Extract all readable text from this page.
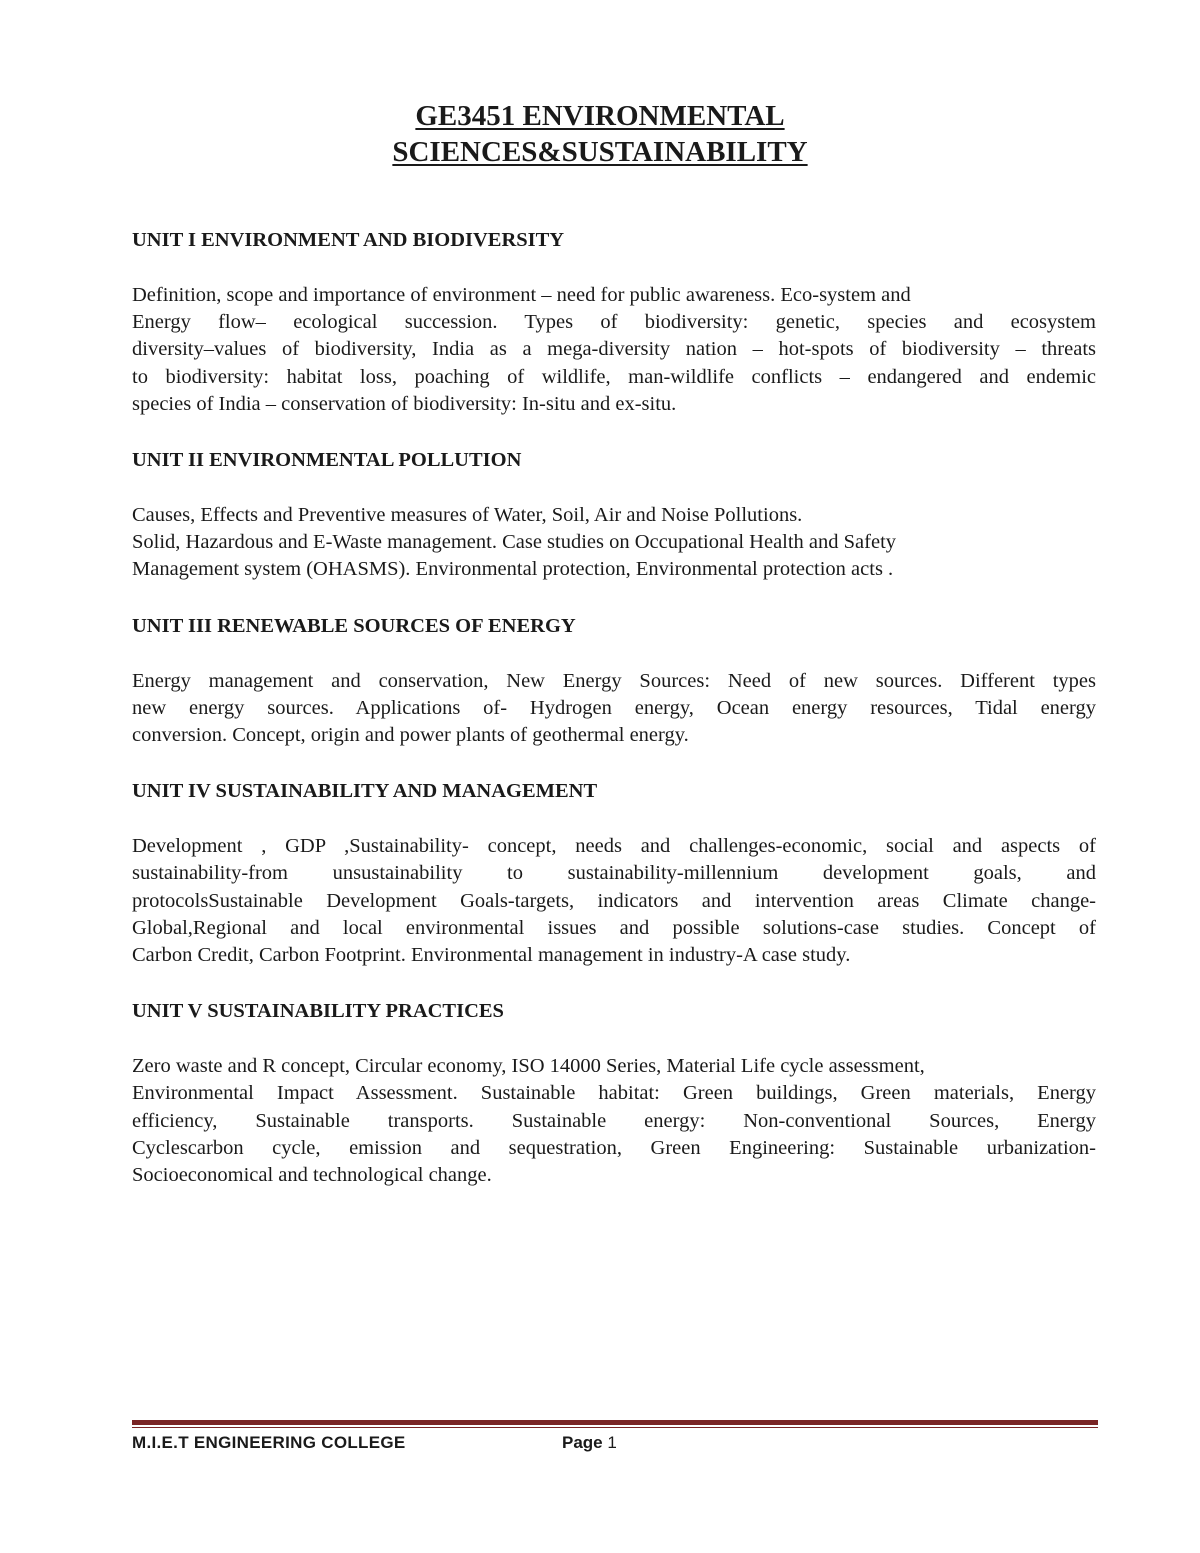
GE3451 ENVIRONMENTAL
SCIENCES&SUSTAINABILITY
UNIT I ENVIRONMENT AND BIODIVERSITY

Definition, scope and importance of environment – need for public awareness. Eco-system and
Energy flow– ecological succession. Types of biodiversity: genetic, species and ecosystem
diversity–values of biodiversity, India as a mega-diversity nation – hot-spots of biodiversity – threats
to biodiversity: habitat loss, poaching of wildlife, man-wildlife conflicts – endangered and endemic
species of India – conservation of biodiversity: In-situ and ex-situ.

UNIT II ENVIRONMENTAL POLLUTION

Causes, Effects and Preventive measures of Water, Soil, Air and Noise Pollutions.
Solid, Hazardous and E-Waste management. Case studies on Occupational Health and Safety
Management system (OHASMS). Environmental protection, Environmental protection acts .

UNIT III RENEWABLE SOURCES OF ENERGY

Energy management and conservation, New Energy Sources: Need of new sources. Different types
new energy sources. Applications of- Hydrogen energy, Ocean energy resources, Tidal energy
conversion. Concept, origin and power plants of geothermal energy.

UNIT IV SUSTAINABILITY AND MANAGEMENT

Development , GDP ,Sustainability- concept, needs and challenges-economic, social and aspects of
sustainability-from unsustainability to sustainability-millennium development goals, and
protocolsSustainable Development Goals-targets, indicators and intervention areas Climate change-
Global,Regional and local environmental issues and possible solutions-case studies. Concept of
Carbon Credit, Carbon Footprint. Environmental management in industry-A case study.

UNIT V SUSTAINABILITY PRACTICES

Zero waste and R concept, Circular economy, ISO 14000 Series, Material Life cycle assessment,
Environmental Impact Assessment. Sustainable habitat: Green buildings, Green materials, Energy
efficiency, Sustainable transports. Sustainable energy: Non-conventional Sources, Energy
Cyclescarbon cycle, emission and sequestration, Green Engineering: Sustainable urbanization-
Socioeconomical and technological change.

M.I.E.T ENGINEERING COLLEGE	Page 1
